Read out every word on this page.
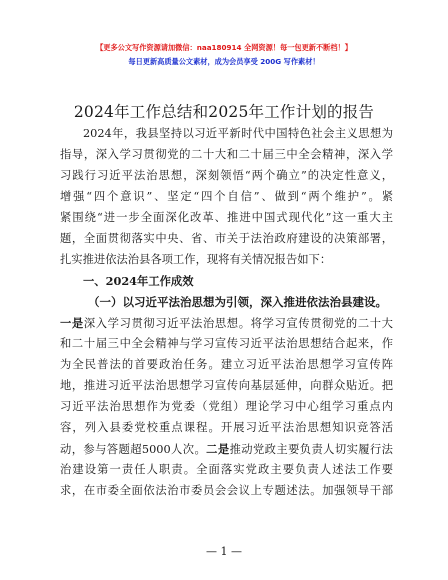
【更多公文写作资源请加微信：naa180914 全网资源！每一包更新不断档！】
每日更新高质量公文素材，成为会员享受 200G 写作素材！
2024年工作总结和2025年工作计划的报告
2024年，我县坚持以习近平新时代中国特色社会主义思想为
指导，深入学习贯彻党的二十大和二十届三中全会精神，深入学
习践行习近平法治思想，深刻领悟“两个确立”的决定性意义，
增强“四个意识”、坚定“四个自信”、做到“两个维护”。紧
紧围绕“进一步全面深化改革、推进中国式现代化”这一重大主
题，全面贯彻落实中央、省、市关于法治政府建设的决策部署，
扎实推进依法治县各项工作，现将有关情况报告如下：
一、2024年工作成效
（一）以习近平法治思想为引领，深入推进依法治县建设。
一是深入学习贯彻习近平法治思想。将学习宣传贯彻党的二十大
和二十届三中全会精神与学习宣传习近平法治思想结合起来，作
为全民普法的首要政治任务。建立习近平法治思想学习宣传阵
地，推进习近平法治思想学习宣传向基层延伸，向群众贴近。把
习近平法治思想作为党委（党组）理论学习中心组学习重点内
容，列入县委党校重点课程。开展习近平法治思想知识竞答活
动，参与答题超5000人次。二是推动党政主要负责人切实履行法
治建设第一责任人职责。全面落实党政主要负责人述法工作要
求，在市委全面依法治市委员会会议上专题述法。加强领导干部
— 1 —
